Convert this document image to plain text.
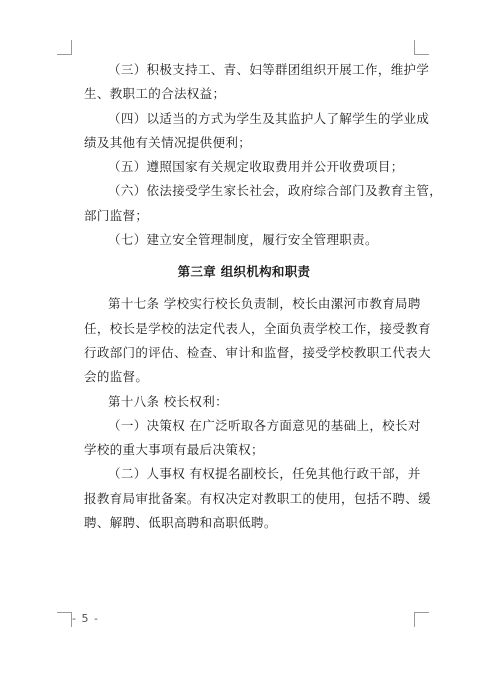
（三）积极支持工、青、妇等群团组织开展工作，维护学

生、教职工的合法权益；

（四）以适当的方式为学生及其监护人了解学生的学业成

绩及其他有关情况提供便利；

（五）遵照国家有关规定收取费用并公开收费项目；

（六）依法接受学生家长社会，政府综合部门及教育主管，

部门监督；

（七）建立安全管理制度，履行安全管理职责。

第三章 组织机构和职责

第十七条 学校实行校长负责制，校长由漯河市教育局聘

任，校长是学校的法定代表人，全面负责学校工作，接受教育

行政部门的评估、检查、审计和监督，接受学校教职工代表大

会的监督。

第十八条 校长权利：

（一）决策权 在广泛听取各方面意见的基础上，校长对

学校的重大事项有最后决策权；

（二）人事权 有权提名副校长，任免其他行政干部，并

报教育局审批备案。有权决定对教职工的使用，包括不聘、缓

聘、解聘、低职高聘和高职低聘。

- 5 -
